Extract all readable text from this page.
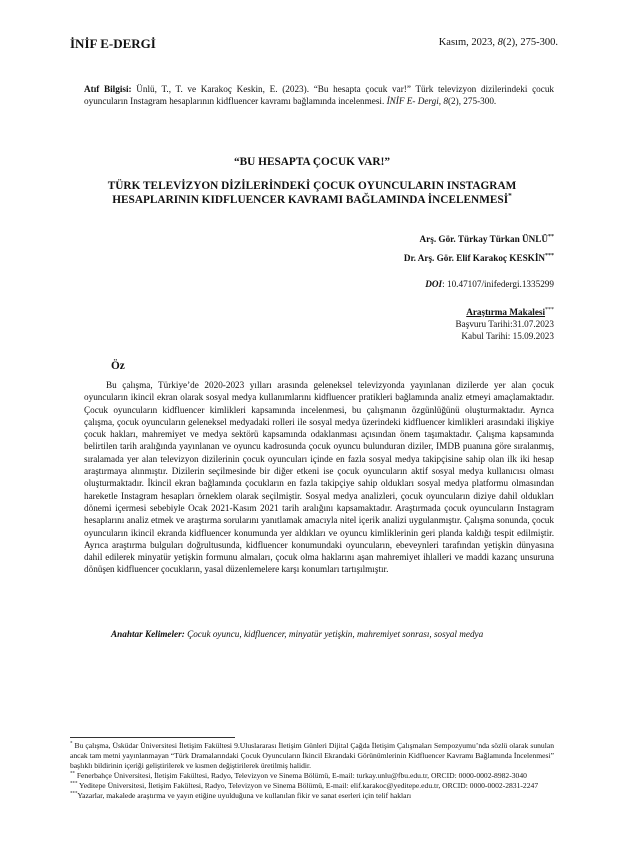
İNİF E-DERGİ	Kasım, 2023, 8(2), 275-300.
Atıf Bilgisi: Ünlü, T., T. ve Karakoç Keskin, E. (2023). “Bu hesapta çocuk var!” Türk televizyon dizilerindeki çocuk oyuncuların Instagram hesaplarının kidfluencer kavramı bağlamında incelenmesi. İNİF E- Dergi, 8(2), 275-300.
“BU HESAPTA ÇOCUK VAR!”
TÜRK TELEVİZYON DİZİLERİNDEKİ ÇOCUK OYUNCULARIN INSTAGRAM HESAPLARININ KIDFLUENCER KAVRAMI BAĞLAMINDA İNCELENMESİ*
Arş. Gör. Türkay Türkan ÜNLÜ**
Dr. Arş. Gör. Elif Karakoç KESKİN***
DOI: 10.47107/inifedergi.1335299
Araştırma Makalesi***
Başvuru Tarihi:31.07.2023
Kabul Tarihi: 15.09.2023
Öz

Bu çalışma, Türkiye’de 2020-2023 yılları arasında geleneksel televizyonda yayınlanan dizilerde yer alan çocuk oyuncuların ikincil ekran olarak sosyal medya kullanımlarını kidfluencer pratikleri bağlamında analiz etmeyi amaçlamaktadır. Çocuk oyuncuların kidfluencer kimlikleri kapsamında incelenmesi, bu çalışmanın özgünlüğünü oluşturmaktadır. Ayrıca çalışma, çocuk oyuncuların geleneksel medyadaki rolleri ile sosyal medya üzerindeki kidfluencer kimlikleri arasındaki ilişkiye çocuk hakları, mahremiyet ve medya sektörü kapsamında odaklanması açısından önem taşımaktadır. Çalışma kapsamında belirtilen tarih aralığında yayınlanan ve oyuncu kadrosunda çocuk oyuncu bulunduran diziler, IMDB puanına göre sıralanmış, sıralamada yer alan televizyon dizilerinin çocuk oyuncuları içinde en fazla sosyal medya takipçisine sahip olan ilk iki hesap araştırmaya alınmıştır. Dizilerin seçilmesinde bir diğer etkeni ise çocuk oyuncuların aktif sosyal medya kullanıcısı olması oluşturmaktadır. İkincil ekran bağlamında çocukların en fazla takipçiye sahip oldukları sosyal medya platformu olmasından hareketle Instagram hesapları örneklem olarak seçilmiştir. Sosyal medya analizleri, çocuk oyuncuların diziye dahil oldukları dönemi içermesi sebebiyle Ocak 2021-Kasım 2021 tarih aralığını kapsamaktadır. Araştırmada çocuk oyuncuların Instagram hesaplarını analiz etmek ve araştırma sorularını yanıtlamak amacıyla nitel içerik analizi uygulanmıştır. Çalışma sonunda, çocuk oyuncuların ikincil ekranda kidfluencer konumunda yer aldıkları ve oyuncu kimliklerinin geri planda kaldığı tespit edilmiştir. Ayrıca araştırma bulguları doğrultusunda, kidfluencer konumundaki oyuncuların, ebeveynleri tarafından yetişkin dünyasına dahil edilerek minyatür yetişkin formunu almaları, çocuk olma haklarını aşan mahremiyet ihlalleri ve maddi kazanç unsuruna dönüşen kidfluencer çocukların, yasal düzenlemelere karşı konumları tartışılmıştır.

Anahtar Kelimeler: Çocuk oyuncu, kidfluencer, minyatür yetişkin, mahremiyet sonrası, sosyal medya

* Bu çalışma, Üsküdar Üniversitesi İletişim Fakültesi 9.Uluslararası İletişim Günleri Dijital Çağda İletişim Çalışmaları Sempozyumu’nda sözlü olarak sunulan ancak tam metni yayınlanmayan “Türk Dramalarındaki Çocuk Oyuncuların İkincil Ekrandaki Görünümlerinin Kidfluencer Kavramı Bağlamında İncelenmesi” başlıklı bildirinin içeriği geliştirilerek ve kısmen değiştirilerek üretilmiş halidir.

** Fenerbahçe Üniversitesi, İletişim Fakültesi, Radyo, Televizyon ve Sinema Bölümü, E-mail: turkay.unlu@fbu.edu.tr, ORCID: 0000-0002-8982-3040

*** Yeditepe Üniversitesi, İletişim Fakültesi, Radyo, Televizyon ve Sinema Bölümü, E-mail: elif.karakoc@yeditepe.edu.tr, ORCID: 0000-0002-2831-2247

***Yazarlar, makalede araştırma ve yayın etiğine uyulduğuna ve kullanılan fikir ve sanat eserleri için telif hakları
